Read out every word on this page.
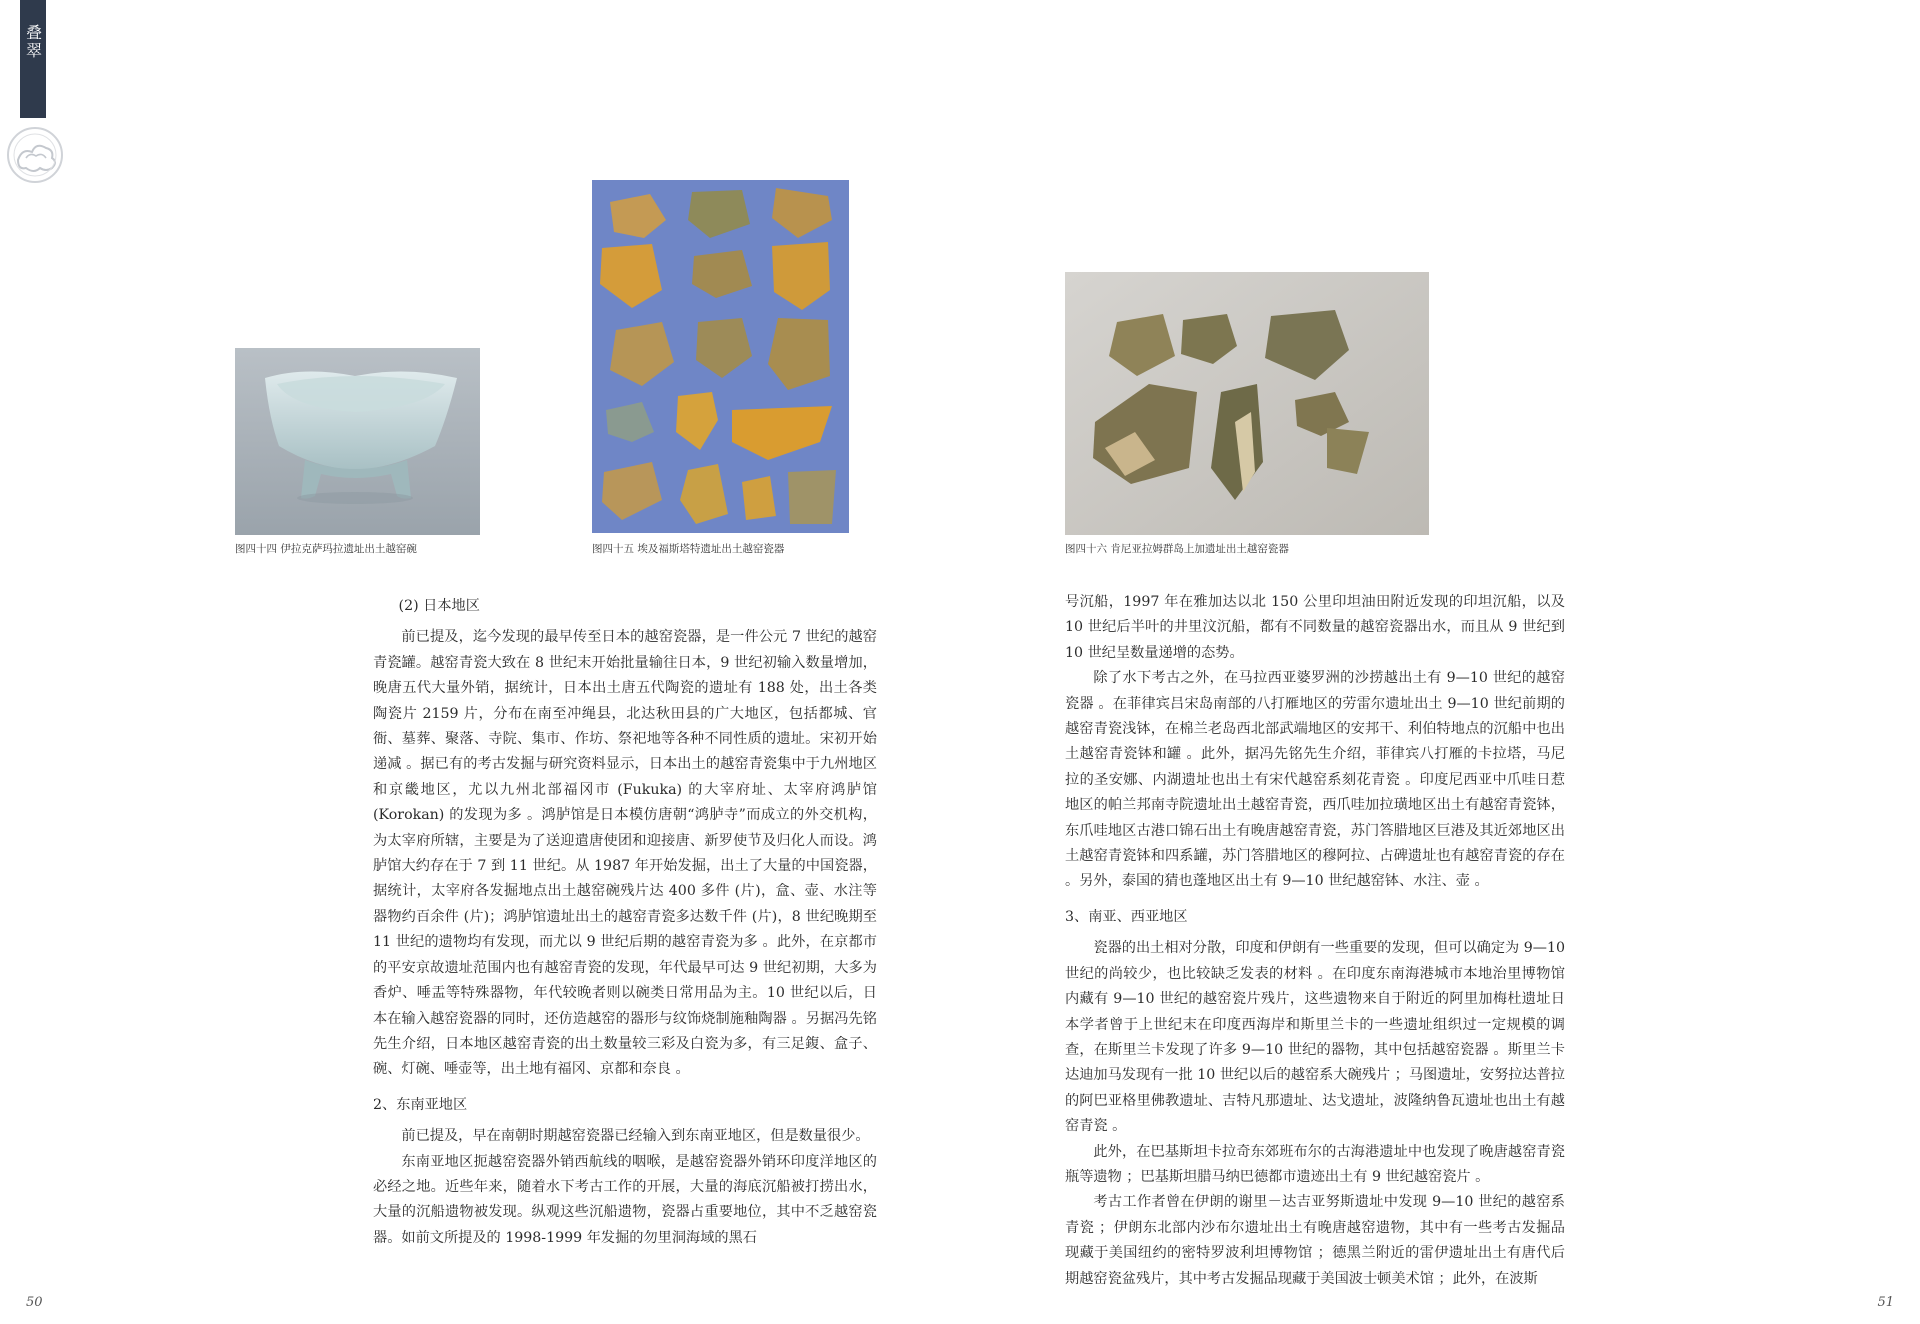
叠翠
图四十四 伊拉克萨玛拉遗址出土越窑碗	图四十五 埃及福斯塔特遗址出土越窑瓷器

(2) 日本地区

前已提及，迄今发现的最早传至日本的越窑瓷器，是一件公元 7 世纪的越窑青瓷罐。越窑青瓷大致在 8 世纪末开始批量输往日本，9 世纪初输入数量增加，晚唐五代大量外销，据统计，日本出土唐五代陶瓷的遗址有 188 处，出土各类陶瓷片 2159 片，分布在南至冲绳县，北达秋田县的广大地区，包括都城、官衙、墓葬、聚落、寺院、集市、作坊、祭祀地等各种不同性质的遗址。宋初开始递减 。据已有的考古发掘与研究资料显示，日本出土的越窑青瓷集中于九州地区和京畿地区，尤以九州北部福冈市 (Fukuka) 的大宰府址、太宰府鸿胪馆 (Korokan) 的发现为多 。鸿胪馆是日本模仿唐朝“鸿胪寺”而成立的外交机构，为太宰府所辖，主要是为了送迎遣唐使团和迎接唐、新罗使节及归化人而设。鸿胪馆大约存在于 7 到 11 世纪。从 1987 年开始发掘，出土了大量的中国瓷器，据统计，太宰府各发掘地点出土越窑碗残片达 400 多件 (片)，盒、壶、水注等器物约百余件 (片)；鸿胪馆遗址出土的越窑青瓷多达数千件 (片)，8 世纪晚期至 11 世纪的遗物均有发现，而尤以 9 世纪后期的越窑青瓷为多 。此外，在京都市的平安京故遗址范围内也有越窑青瓷的发现，年代最早可达 9 世纪初期，大多为香炉、唾盂等特殊器物，年代较晚者则以碗类日常用品为主。10 世纪以后，日本在输入越窑瓷器的同时，还仿造越窑的器形与纹饰烧制施釉陶器 。另据冯先铭先生介绍，日本地区越窑青瓷的出土数量较三彩及白瓷为多，有三足鍑、盒子、碗、灯碗、唾壶等，出土地有福冈、京都和奈良 。

2、东南亚地区

前已提及，早在南朝时期越窑瓷器已经输入到东南亚地区，但是数量很少。

东南亚地区扼越窑瓷器外销西航线的咽喉，是越窑瓷器外销环印度洋地区的必经之地。近些年来，随着水下考古工作的开展，大量的海底沉船被打捞出水，大量的沉船遗物被发现。纵观这些沉船遗物，瓷器占重要地位，其中不乏越窑瓷器。如前文所提及的 1998-1999 年发掘的勿里洞海域的黑石

50
图四十六 肯尼亚拉姆群岛上加遗址出土越窑瓷器

号沉船，1997 年在雅加达以北 150 公里印坦油田附近发现的印坦沉船，以及 10 世纪后半叶的井里汶沉船，都有不同数量的越窑瓷器出水，而且从 9 世纪到 10 世纪呈数量递增的态势。

除了水下考古之外，在马拉西亚婆罗洲的沙捞越出土有 9—10 世纪的越窑瓷器 。在菲律宾吕宋岛南部的八打雁地区的劳雷尔遗址出土 9—10 世纪前期的越窑青瓷浅钵，在棉兰老岛西北部武端地区的安邦干、利伯特地点的沉船中也出土越窑青瓷钵和罐 。此外，据冯先铭先生介绍，菲律宾八打雁的卡拉塔，马尼拉的圣安娜、内湖遗址也出土有宋代越窑系刻花青瓷 。印度尼西亚中爪哇日惹地区的帕兰邦南寺院遗址出土越窑青瓷，西爪哇加拉璜地区出土有越窑青瓷钵，东爪哇地区古港口锦石出土有晚唐越窑青瓷，苏门答腊地区巨港及其近郊地区出土越窑青瓷钵和四系罐，苏门答腊地区的穆阿拉、占碑遗址也有越窑青瓷的存在 。另外，泰国的猜也蓬地区出土有 9—10 世纪越窑钵、水注、壶 。

3、南亚、西亚地区

瓷器的出土相对分散，印度和伊朗有一些重要的发现，但可以确定为 9—10 世纪的尚较少，也比较缺乏发表的材料 。在印度东南海港城市本地治里博物馆内藏有 9—10 世纪的越窑瓷片残片，这些遗物来自于附近的阿里加梅杜遗址日本学者曾于上世纪末在印度西海岸和斯里兰卡的一些遗址组织过一定规模的调查，在斯里兰卡发现了许多 9—10 世纪的器物，其中包括越窑瓷器 。斯里兰卡达迪加马发现有一批 10 世纪以后的越窑系大碗残片 ；马图遗址，安努拉达普拉的阿巴亚格里佛教遗址、吉特凡那遗址、达戈遗址，波隆纳鲁瓦遗址也出土有越窑青瓷 。

此外，在巴基斯坦卡拉奇东郊班布尔的古海港遗址中也发现了晚唐越窑青瓷瓶等遗物 ；巴基斯坦腊马纳巴德都市遗迹出土有 9 世纪越窑瓷片 。

考古工作者曾在伊朗的谢里－达吉亚努斯遗址中发现 9—10 世纪的越窑系青瓷 ；伊朗东北部内沙布尔遗址出土有晚唐越窑遗物，其中有一些考古发掘品现藏于美国纽约的密特罗波利坦博物馆 ；德黑兰附近的雷伊遗址出土有唐代后期越窑瓷盆残片，其中考古发掘品现藏于美国波士顿美术馆 ；此外，在波斯

51
